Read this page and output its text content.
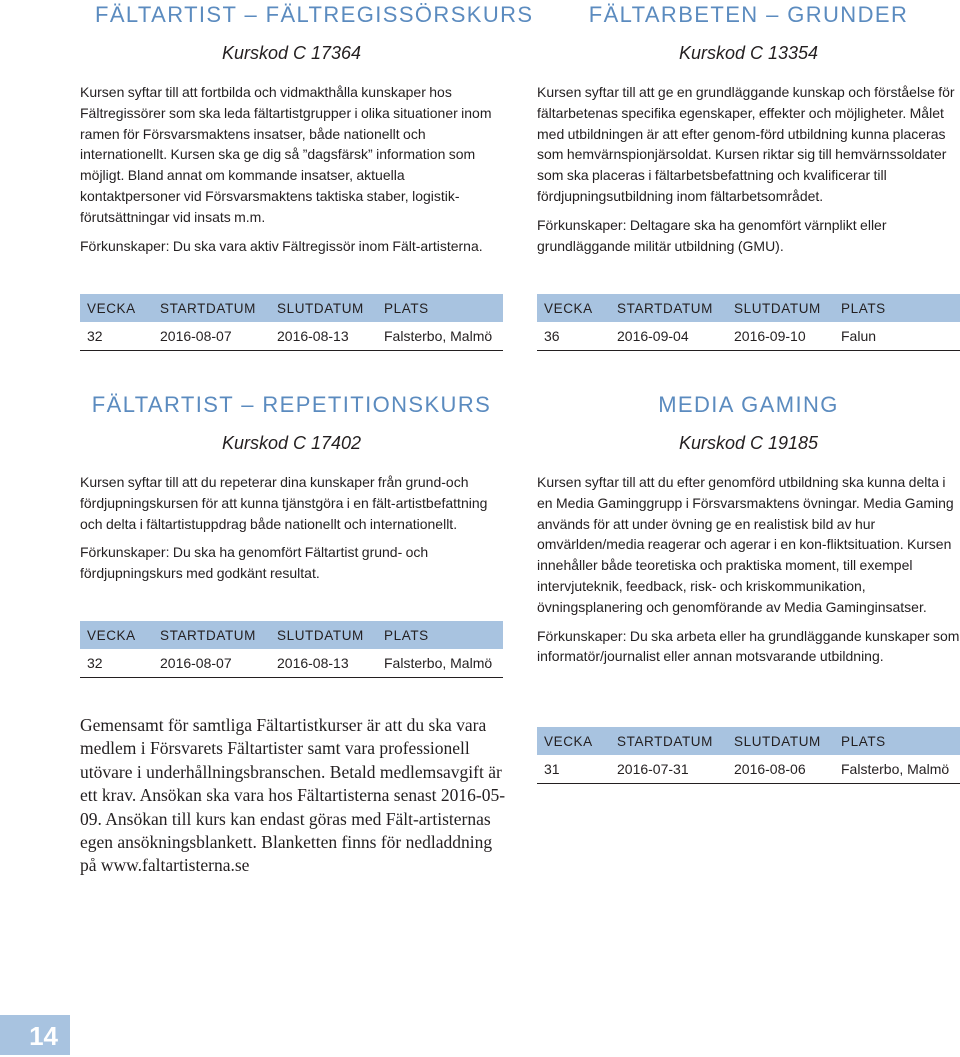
FÄLTARTIST – FÄLTREGISSÖRSKURS
Kurskod C 17364

Kursen syftar till att fortbilda och vidmakthålla kunskaper hos Fältregissörer som ska leda fältartistgrupper i olika situationer inom ramen för Försvarsmaktens insatser, både nationellt och internationellt. Kursen ska ge dig så ”dagsfärsk” information som möjligt. Bland annat om kommande insatser, aktuella kontaktpersoner vid Försvarsmaktens taktiska staber, logistik-förutsättningar vid insats m.m.

Förkunskaper: Du ska vara aktiv Fältregissör inom Fält-artisterna.

VECKA	STARTDATUM	SLUTDATUM	PLATS
32	2016-08-07	2016-08-13	Falsterbo, Malmö
FÄLTARBETEN – GRUNDER
Kurskod C 13354

Kursen syftar till att ge en grundläggande kunskap och förståelse för fältarbetenas specifika egenskaper, effekter och möjligheter. Målet med utbildningen är att efter genom-förd utbildning kunna placeras som hemvärnspionjärsoldat. Kursen riktar sig till hemvärnssoldater som ska placeras i fältarbetsbefattning och kvalificerar till fördjupningsutbildning inom fältarbetsområdet.

Förkunskaper: Deltagare ska ha genomfört värnplikt eller grundläggande militär utbildning (GMU).

VECKA	STARTDATUM	SLUTDATUM	PLATS
36	2016-09-04	2016-09-10	Falun
FÄLTARTIST – REPETITIONSKURS
Kurskod C 17402

Kursen syftar till att du repeterar dina kunskaper från grund-och fördjupningskursen för att kunna tjänstgöra i en fält-artistbefattning och delta i fältartistuppdrag både nationellt och internationellt.

Förkunskaper: Du ska ha genomfört Fältartist grund- och fördjupningskurs med godkänt resultat.

VECKA	STARTDATUM	SLUTDATUM	PLATS
32	2016-08-07	2016-08-13	Falsterbo, Malmö
MEDIA GAMING
Kurskod C 19185

Kursen syftar till att du efter genomförd utbildning ska kunna delta i en Media Gaminggrupp i Försvarsmaktens övningar. Media Gaming används för att under övning ge en realistisk bild av hur omvärlden/media reagerar och agerar i en kon-fliktsituation. Kursen innehåller både teoretiska och praktiska moment, till exempel intervjuteknik, feedback, risk- och kriskommunikation, övningsplanering och genomförande av Media Gaminginsatser.

Förkunskaper: Du ska arbeta eller ha grundläggande kunskaper som informatör/journalist eller annan motsvarande utbildning.

VECKA	STARTDATUM	SLUTDATUM	PLATS
31	2016-07-31	2016-08-06	Falsterbo, Malmö
Gemensamt för samtliga Fältartistkurser är att du ska vara medlem i Försvarets Fältartister samt vara professionell utövare i underhållningsbranschen. Betald medlemsavgift är ett krav. Ansökan ska vara hos Fältartisterna senast 2016-05-09. Ansökan till kurs kan endast göras med Fält-artisternas egen ansökningsblankett. Blanketten finns för nedladdning på www.faltartisterna.se
14
